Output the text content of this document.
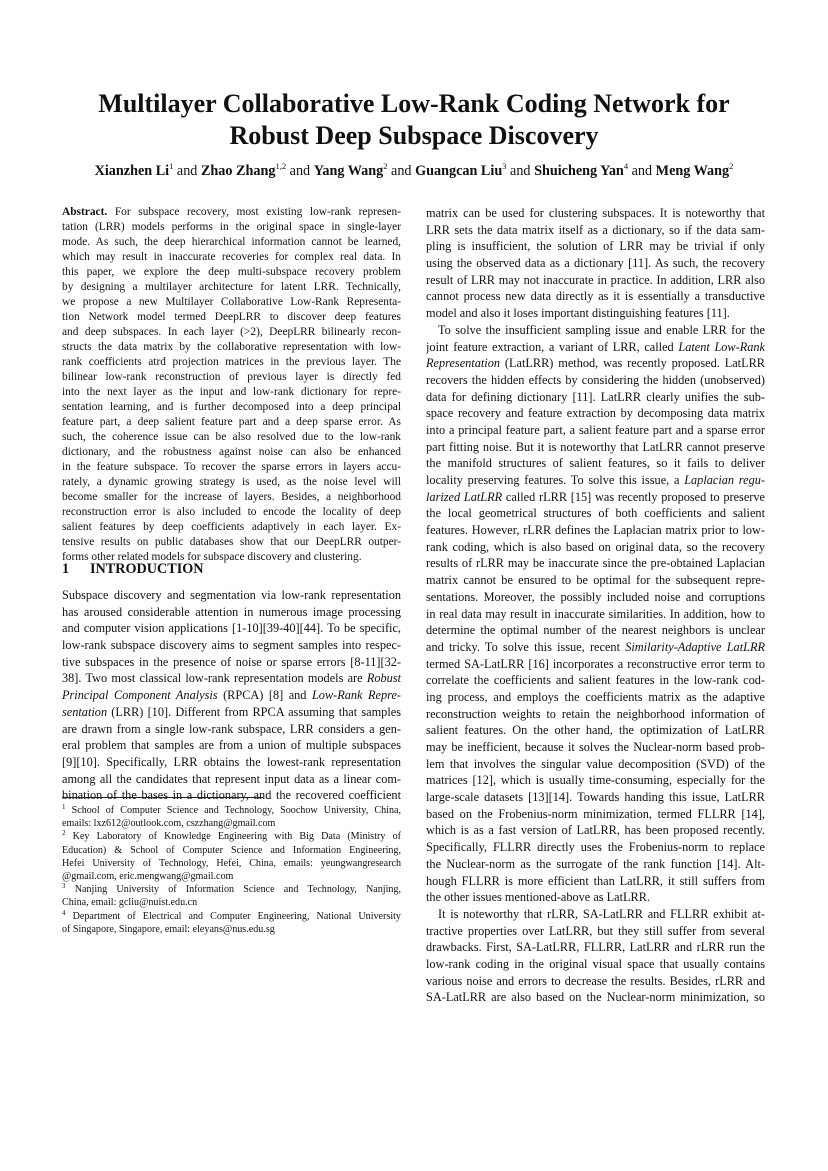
Multilayer Collaborative Low-Rank Coding Network for
Robust Deep Subspace Discovery
Xianzhen Li$^1$ and Zhao Zhang$^{1,2}$ and Yang Wang$^2$ and Guangcan Liu$^3$ and Shuicheng Yan$^4$ and Meng Wang$^2$
Abstract. For subspace recovery, most existing low-rank represen-
tation (LRR) models performs in the original space in single-layer
mode. As such, the deep hierarchical information cannot be learned,
which may result in inaccurate recoveries for complex real data. In
this paper, we explore the deep multi-subspace recovery problem
by designing a multilayer architecture for latent LRR. Technically,
we propose a new Multilayer Collaborative Low-Rank Representa-
tion Network model termed DeepLRR to discover deep features
and deep subspaces. In each layer (>2), DeepLRR bilinearly recon-
structs the data matrix by the collaborative representation with low-
rank coefficients atrd projection matrices in the previous layer. The
bilinear low-rank reconstruction of previous layer is directly fed
into the next layer as the input and low-rank dictionary for repre-
sentation learning, and is further decomposed into a deep principal
feature part, a deep salient feature part and a deep sparse error. As
such, the coherence issue can be also resolved due to the low-rank
dictionary, and the robustness against noise can also be enhanced
in the feature subspace. To recover the sparse errors in layers accu-
rately, a dynamic growing strategy is used, as the noise level will
become smaller for the increase of layers. Besides, a neighborhood
reconstruction error is also included to encode the locality of deep
salient features by deep coefficients adaptively in each layer. Ex-
tensive results on public databases show that our DeepLRR outper-
forms other related models for subspace discovery and clustering.
1 INTRODUCTION
Subspace discovery and segmentation via low-rank representation
has aroused considerable attention in numerous image processing
and computer vision applications [1-10][39-40][44]. To be specific,
low-rank subspace discovery aims to segment samples into respec-
tive subspaces in the presence of noise or sparse errors [8-11][32-
38]. Two most classical low-rank representation models are Robust
Principal Component Analysis (RPCA) [8] and Low-Rank Repre-
sentation (LRR) [10]. Different from RPCA assuming that samples
are drawn from a single low-rank subspace, LRR considers a gen-
eral problem that samples are from a union of multiple subspaces
[9][10]. Specifically, LRR obtains the lowest-rank representation
among all the candidates that represent input data as a linear com-
bination of the bases in a dictionary, and the recovered coefficient
$^1$ School of Computer Science and Technology, Soochow University, China,
emails: lxz612@outlook.com, cszzhang@gmail.com
$^2$ Key Laboratory of Knowledge Engineering with Big Data (Ministry of
Education) & School of Computer Science and Information Engineering,
Hefei University of Technology, Hefei, China, emails: yeungwangresearch
@gmail.com, eric.mengwang@gmail.com
$^3$ Nanjing University of Information Science and Technology, Nanjing,
China, email: gcliu@nuist.edu.cn
$^4$ Department of Electrical and Computer Engineering, National University
of Singapore, Singapore, email: eleyans@nus.edu.sg
matrix can be used for clustering subspaces. It is noteworthy that
LRR sets the data matrix itself as a dictionary, so if the data sam-
pling is insufficient, the solution of LRR may be trivial if only
using the observed data as a dictionary [11]. As such, the recovery
result of LRR may not inaccurate in practice. In addition, LRR also
cannot process new data directly as it is essentially a transductive
model and also it loses important distinguishing features [11].
To solve the insufficient sampling issue and enable LRR for the
joint feature extraction, a variant of LRR, called Latent Low-Rank
Representation (LatLRR) method, was recently proposed. LatLRR
recovers the hidden effects by considering the hidden (unobserved)
data for defining dictionary [11]. LatLRR clearly unifies the sub-
space recovery and feature extraction by decomposing data matrix
into a principal feature part, a salient feature part and a sparse error
part fitting noise. But it is noteworthy that LatLRR cannot preserve
the manifold structures of salient features, so it fails to deliver
locality preserving features. To solve this issue, a Laplacian regu-
larized LatLRR called rLRR [15] was recently proposed to preserve
the local geometrical structures of both coefficients and salient
features. However, rLRR defines the Laplacian matrix prior to low-
rank coding, which is also based on original data, so the recovery
results of rLRR may be inaccurate since the pre-obtained Laplacian
matrix cannot be ensured to be optimal for the subsequent repre-
sentations. Moreover, the possibly included noise and corruptions
in real data may result in inaccurate similarities. In addition, how to
determine the optimal number of the nearest neighbors is unclear
and tricky. To solve this issue, recent Similarity-Adaptive LatLRR
termed SA-LatLRR [16] incorporates a reconstructive error term to
correlate the coefficients and salient features in the low-rank cod-
ing process, and employs the coefficients matrix as the adaptive
reconstruction weights to retain the neighborhood information of
salient features. On the other hand, the optimization of LatLRR
may be inefficient, because it solves the Nuclear-norm based prob-
lem that involves the singular value decomposition (SVD) of the
matrices [12], which is usually time-consuming, especially for the
large-scale datasets [13][14]. Towards handing this issue, LatLRR
based on the Frobenius-norm minimization, termed FLLRR [14],
which is as a fast version of LatLRR, has been proposed recently.
Specifically, FLLRR directly uses the Frobenius-norm to replace
the Nuclear-norm as the surrogate of the rank function [14]. Alt-
hough FLLRR is more efficient than LatLRR, it still suffers from
the other issues mentioned-above as LatLRR.
It is noteworthy that rLRR, SA-LatLRR and FLLRR exhibit at-
tractive properties over LatLRR, but they still suffer from several
drawbacks. First, SA-LatLRR, FLLRR, LatLRR and rLRR run the
low-rank coding in the original visual space that usually contains
various noise and errors to decrease the results. Besides, rLRR and
SA-LatLRR are also based on the Nuclear-norm minimization, so
